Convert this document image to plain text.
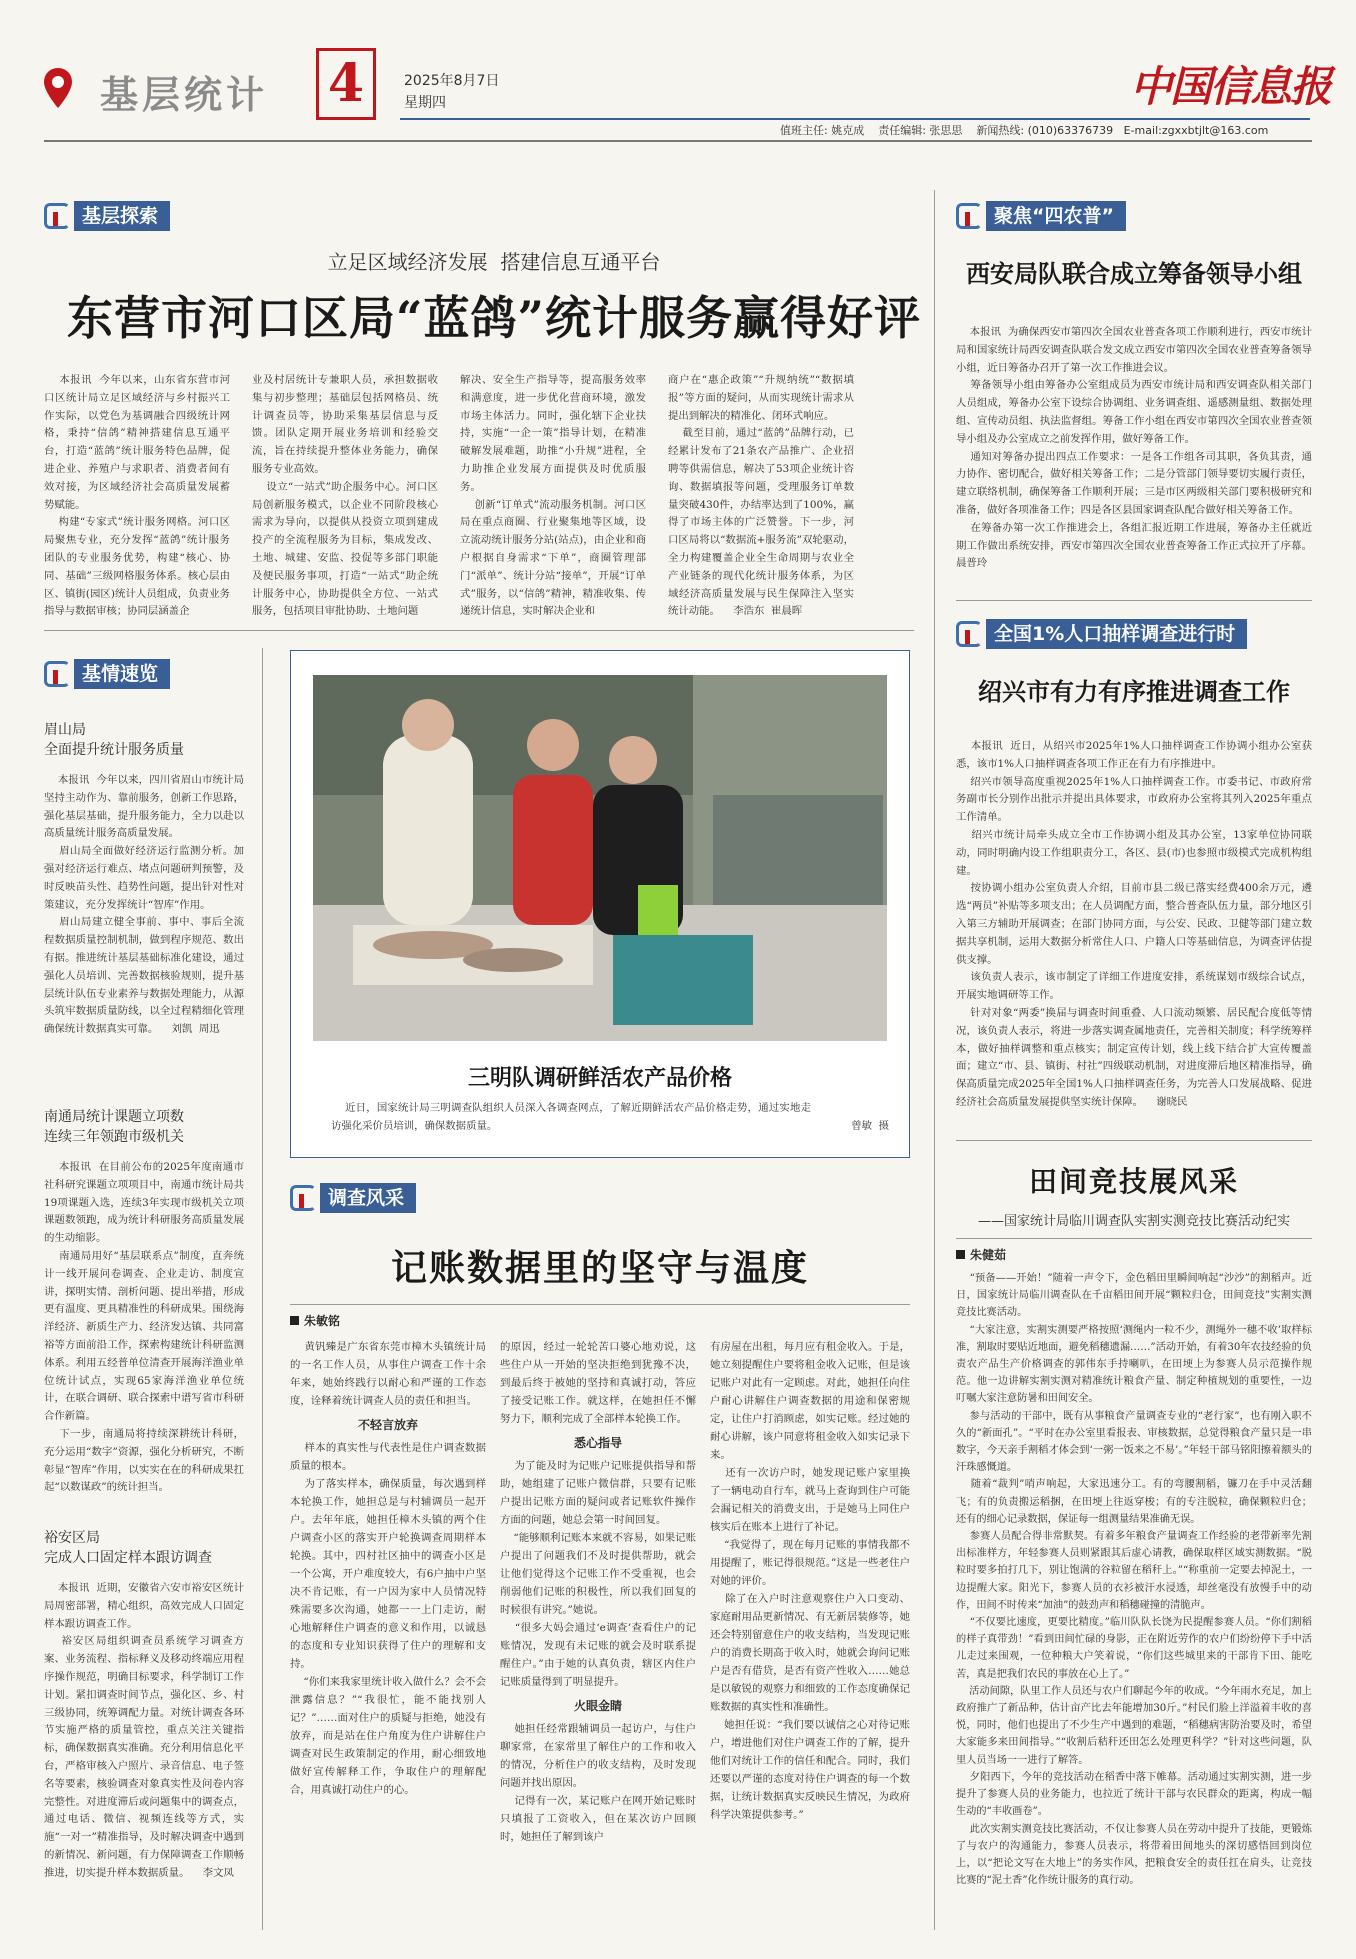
基层统计 4	2025年8月7日
星期四	中国信息报
值班主任: 姚克成    责任编辑: 张思思    新闻热线: (010)63376739   E-mail:zgxxbtjlt@163.com
基层探索
立足区域经济发展  搭建信息互通平台
东营市河口区局“蓝鸽”统计服务赢得好评
本报讯  今年以来，山东省东营市河口区统计局立足区域经济与乡村振兴工作实际，以党色为基调融合四级统计网格，秉持“信鸽”精神搭建信息互通平台，打造“蓝鸽”统计服务特色品牌，促进企业、养殖户与求职者、消费者间有效对接，为区域经济社会高质量发展蓄势赋能。
构建“专家式”统计服务网格。河口区局聚焦专业，充分发挥“蓝鸽”统计服务团队的专业服务优势，构建“核心、协同、基础”三级网格服务体系。核心层由区、镇街(园区)统计人员组成，负责业务指导与数据审核；协同层涵盖企
业及村居统计专兼职人员，承担数据收集与初步整理；基础层包括网格员、统计调查员等，协助采集基层信息与反馈。团队定期开展业务培训和经验交流，旨在持续提升整体业务能力，确保服务专业高效。
设立“一站式”助企服务中心。河口区局创新服务模式，以企业不同阶段核心需求为导向，以提供从投资立项到建成投产的全流程服务为目标，集成发改、土地、城建、安监、投促等多部门职能及便民服务事项，打造“一站式”助企统计服务中心，协助提供全方位、一站式服务，包括项目审批协助、土地问题
解决、安全生产指导等，提高服务效率和满意度，进一步优化营商环境，激发市场主体活力。同时，强化辖下企业扶持，实施“一企一策”指导计划，在精准破解发展难题，助推“小升规”进程，全力助推企业发展方面提供及时优质服务。
创新“订单式”流动服务机制。河口区局在重点商圈、行业聚集地等区域，设立流动统计服务分站(站点)，由企业和商户根据自身需求“下单”，商圈管理部门“派单”、统计分站“接单”，开展“订单式”服务，以“信鸽”精神，精准收集、传递统计信息，实时解决企业和
商户在“惠企政策”“升规纳统”“数据填报”等方面的疑问，从而实现统计需求从提出到解决的精准化、闭环式响应。
截至目前，通过“蓝鸽”品牌行动，已经累计发布了21条农产品推广、企业招聘等供需信息，解决了53项企业统计咨询、数据填报等问题，受理服务订单数量突破430件，办结率达到了100%，赢得了市场主体的广泛赞誉。下一步，河口区局将以“数据流+服务流”双轮驱动，全力构建覆盖企业全生命周期与农业全产业链条的现代化统计服务体系，为区域经济高质量发展与民生保障注入坚实统计动能。    李浩东  崔晨晖
基情速览
眉山局
全面提升统计服务质量
本报讯  今年以来，四川省眉山市统计局坚持主动作为、靠前服务，创新工作思路，强化基层基础，提升服务能力，全力以赴以高质量统计服务高质量发展。
眉山局全面做好经济运行监测分析。加强对经济运行难点、堵点问题研判预警，及时反映苗头性、趋势性问题，提出针对性对策建议，充分发挥统计“智库”作用。
眉山局建立健全事前、事中、事后全流程数据质量控制机制，做到程序规范、数出有据。推进统计基层基础标准化建设，通过强化人员培训、完善数据核验规则，提升基层统计队伍专业素养与数据处理能力，从源头筑牢数据质量防线，以全过程精细化管理确保统计数据真实可靠。    刘凯  周迅
南通局统计课题立项数
连续三年领跑市级机关
本报讯  在目前公布的2025年度南通市社科研究课题立项项目中，南通市统计局共19项课题入选，连续3年实现市级机关立项课题数领跑，成为统计科研服务高质量发展的生动缩影。
南通局用好“基层联系点”制度，直奔统计一线开展问卷调查、企业走访、制度宣讲，探明实情、剖析问题、提出举措，形成更有温度、更具精准性的科研成果。围绕海洋经济、新质生产力、经济发达镇、共同富裕等方面前沿工作，探索构建统计科研监测体系。利用五经普单位清查开展海洋渔业单位统计试点，实现65家海洋渔业单位统计，在联合调研、联合探索中谱写省市科研合作新篇。
下一步，南通局将持续深耕统计科研，充分运用“数字”资源，强化分析研究，不断彰显“智库”作用，以实实在在的科研成果扛起“以数谋政”的统计担当。
裕安区局
完成人口固定样本跟访调查
本报讯  近期，安徽省六安市裕安区统计局周密部署，精心组织，高效完成人口固定样本跟访调查工作。
裕安区局组织调查员系统学习调查方案、业务流程、指标释义及移动终端应用程序操作规范，明确目标要求，科学制订工作计划。紧扣调查时间节点，强化区、乡、村三级协同，统筹调配力量。对统计调查各环节实施严格的质量管控，重点关注关键指标，确保数据真实准确。充分利用信息化平台，严格审核入户照片、录音信息、电子签名等要素，核验调查对象真实性及问卷内容完整性。对进度滞后或问题集中的调查点，通过电话、微信、视频连线等方式，实施“一对一”精准指导，及时解决调查中遇到的新情况、新问题，有力保障调查工作顺畅推进，切实提升样本数据质量。    李文凤
三明队调研鲜活农产品价格
近日，国家统计局三明调查队组织人员深入各调查网点，了解近期鲜活农产品价格走势，通过实地走访强化采价员培训，确保数据质量。	曾敏  摄
调查风采
记账数据里的坚守与温度
朱敏铭
黄钒臻是广东省东莞市樟木头镇统计局的一名工作人员，从事住户调查工作十余年来，她始终践行以耐心和严谨的工作态度，诠释着统计调查人员的责任和担当。
不轻言放弃
样本的真实性与代表性是住户调查数据质量的根本。
为了落实样本，确保质量，每次遇到样本轮换工作，她担总是与村辅调员一起开户。去年年底，她担任樟木头镇的两个住户调查小区的落实开户轮换调查周期样本轮换。其中，四村社区抽中的调查小区是一个公寓，开户难度较大，有6户抽中户坚决不肯记账，有一户因为家中人员情况特殊需要多次沟通，她都一一上门走访，耐心地解释住户调查的意义和作用，以诚恳的态度和专业知识获得了住户的理解和支持。
“你们来我家里统计收入做什么？会不会泄露信息？”“我很忙，能不能找别人记？”……面对住户的质疑与拒绝，她没有放弃，而是站在住户角度为住户讲解住户调查对民生政策制定的作用，耐心细致地做好宣传解释工作，争取住户的理解配合，用真诚打动住户的心。
的原因，经过一轮轮苦口婆心地劝说，这些住户从一开始的坚决拒绝到犹豫不决，到最后终于被她的坚持和真诚打动，答应了接受记账工作。就这样，在她担任不懈努力下，顺利完成了全部样本轮换工作。
悉心指导
为了能及时为记账户记账提供指导和帮助，她组建了记账户微信群，只要有记账户提出记账方面的疑问或者记账软件操作方面的问题，她总会第一时间回复。
“能够顺利记账本来就不容易，如果记账户提出了问题我们不及时提供帮助，就会让他们觉得这个记账工作不受重视，也会削弱他们记账的积极性，所以我们回复的时候很有讲究。”她说。
“很多大妈会通过‘e调查’查看住户的记账情况，发现有未记账的就会及时联系提醒住户。”由于她的认真负责，辖区内住户记账质量得到了明显提升。
火眼金睛
她担任经常跟辅调员一起访户，与住户聊家常，在家常里了解住户的工作和收入的情况，分析住户的收支结构，及时发现问题并找出原因。
记得有一次，某记账户在网开始记账时只填报了工资收入，但在某次访户回顾时，她担任了解到该户
有房屋在出租，每月应有租金收入。于是，她立刻提醒住户要将租金收入记账，但是该记账户对此有一定顾虑。对此，她担任向住户耐心讲解住户调查数据的用途和保密规定，让住户打消顾虑，如实记账。经过她的耐心讲解，该户同意将租金收入如实记录下来。
还有一次访户时，她发现记账户家里换了一辆电动自行车，就马上查询到住户可能会漏记相关的消费支出，于是她马上同住户核实后在账本上进行了补记。
“我觉得了，现在每月记账的事情我都不用提醒了，账记得很规范。”这是一些老住户对她的评价。
除了在入户时注意观察住户入口变动、家庭耐用品更新情况、有无新居装修等，她还会特别留意住户的收支结构，当发现记账户的消费长期高于收入时，她就会询问记账户是否有借贷，是否有资产性收入……她总是以敏锐的观察力和细致的工作态度确保记账数据的真实性和准确性。
她担任说：“我们要以诚信之心对待记账户，增进他们对住户调查工作的了解，提升他们对统计工作的信任和配合。同时，我们还要以严谨的态度对待住户调查的每一个数据，让统计数据真实反映民生情况，为政府科学决策提供参考。”
聚焦“四农普”
西安局队联合成立筹备领导小组
本报讯  为确保西安市第四次全国农业普查各项工作顺利进行，西安市统计局和国家统计局西安调查队联合发文成立西安市第四次全国农业普查筹备领导小组，近日筹备办召开了第一次工作推进会议。
筹备领导小组由筹备办公室组成员为西安市统计局和西安调查队相关部门人员组成，筹备办公室下设综合协调组、业务调查组、遥感测量组、数据处理组、宣传动员组、执法监督组。筹备工作小组在西安市第四次全国农业普查领导小组及办公室成立之前发挥作用，做好筹备工作。
通知对筹备办提出四点工作要求：一是各工作组各司其职，各负其责，通力协作、密切配合，做好相关筹备工作；二是分管部门领导要切实履行责任，建立联络机制，确保筹备工作顺利开展；三是市区两级相关部门要积极研究和准备，做好各项准备工作；四是各区县国家调查队配合做好相关筹备工作。
在筹备办第一次工作推进会上，各组汇报近期工作进展，筹备办主任就近期工作做出系统安排，西安市第四次全国农业普查筹备工作正式拉开了序幕。    晨普玲
全国1%人口抽样调查进行时
绍兴市有力有序推进调查工作
本报讯  近日，从绍兴市2025年1%人口抽样调查工作协调小组办公室获悉，该市1%人口抽样调查各项工作正在有力有序推进中。
绍兴市领导高度重视2025年1%人口抽样调查工作。市委书记、市政府常务副市长分别作出批示并提出具体要求，市政府办公室将其列入2025年重点工作清单。
绍兴市统计局牵头成立全市工作协调小组及其办公室，13家单位协同联动，同时明确内设工作组职责分工，各区、县(市)也参照市级模式完成机构组建。
按协调小组办公室负责人介绍，目前市县二级已落实经费400余万元，遴选“两员”补贴等多项支出；在人员调配方面，整合普查队伍力量，部分地区引入第三方辅助开展调查；在部门协同方面，与公安、民政、卫健等部门建立数据共享机制，运用大数据分析常住人口、户籍人口等基础信息，为调查评估提供支撑。
该负责人表示，该市制定了详细工作进度安排，系统谋划市级综合试点，开展实地调研等工作。
针对对象“两委”换届与调查时间重叠、人口流动频繁、居民配合度低等情况，该负责人表示，将进一步落实调查属地责任，完善相关制度；科学统筹样本，做好抽样调整和重点核实；制定宣传计划，线上线下结合扩大宣传覆盖面；建立“市、县、镇街、村社”四级联动机制，对进度滞后地区精准指导，确保高质量完成2025年全国1%人口抽样调查任务，为完善人口发展战略、促进经济社会高质量发展提供坚实统计保障。    谢晓民
田间竞技展风采
——国家统计局临川调查队实割实测竞技比赛活动纪实
朱健茹
“预备——开始！”随着一声令下，金色稻田里瞬间响起“沙沙”的割稻声。近日，国家统计局临川调查队在千亩稻田间开展“颗粒归仓，田间竞技”实割实测竞技比赛活动。
“大家注意，实割实测要严格按照‘测绳内一粒不少，测绳外一穗不收’取样标准，割取时要贴近地面，避免稻穗遗漏……”活动开始，有着30年农技经验的负责农产品生产价格调查的郭伟东手持喇叭，在田埂上为参赛人员示范操作规范。他一边讲解实割实测对精准统计粮食产量、制定种植规划的重要性，一边叮嘱大家注意防暑和田间安全。
参与活动的干部中，既有从事粮食产量调查专业的“老行家”，也有刚入职不久的“新面孔”。“平时在办公室里看报表、审核数据，总觉得粮食产量只是一串数字，今天亲手割稻才体会到‘一粥一饭来之不易’。”年轻干部马铭阳擦着额头的汗珠感慨道。
随着“裁判”哨声响起，大家迅速分工。有的弯腰割稻，镰刀在手中灵活翻飞；有的负责搬运稻捆，在田埂上往返穿梭；有的专注脱粒，确保颗粒归仓；还有的细心记录数据，保证每一组测量结果准确无误。
参赛人员配合得非常默契。有着多年粮食产量调查工作经验的老带新率先割出标准样方，年轻参赛人员则紧跟其后虚心请教，确保取样区域实测数据。“脱粒时要多拍打几下，别让饱满的谷粒留在稻秆上。”“称重前一定要去掉泥土，一边提醒大家。阳光下，参赛人员的衣衫被汗水浸透，却丝毫没有放慢手中的动作，田间不时传来“加油”的鼓劲声和稻穗碰撞的清脆声。
“不仅要比速度，更要比精度。”临川队队长饶为民提醒参赛人员。“你们割稻的样子真带劲！”看到田间忙碌的身影，正在附近劳作的农户们纷纷停下手中活儿走过来围观，一位种粮大户笑着说，“你们这些城里来的干部肯下田、能吃苦，真是把我们农民的事放在心上了。”
活动间隙，队里工作人员还与农户们聊起今年的收成。“今年雨水充足，加上政府推广了新品种，估计亩产比去年能增加30斤。”村民们脸上洋溢着丰收的喜悦，同时，他们也提出了不少生产中遇到的难题，“稻穗病害防治要及时，希望大家能多来田间指导。”“收割后秸秆还田怎么处理更科学？”针对这些问题，队里人员当场一一进行了解答。
夕阳西下，今年的竞技活动在稻香中落下帷幕。活动通过实割实测，进一步提升了参赛人员的业务能力，也拉近了统计干部与农民群众的距离，构成一幅生动的“丰收画卷”。
此次实割实测竞技比赛活动，不仅让参赛人员在劳动中提升了技能，更锻炼了与农户的沟通能力，参赛人员表示，将带着田间地头的深切感悟回到岗位上，以“把论文写在大地上”的务实作风，把粮食安全的责任扛在肩头，让竞技比赛的“泥土香”化作统计服务的真行动。
